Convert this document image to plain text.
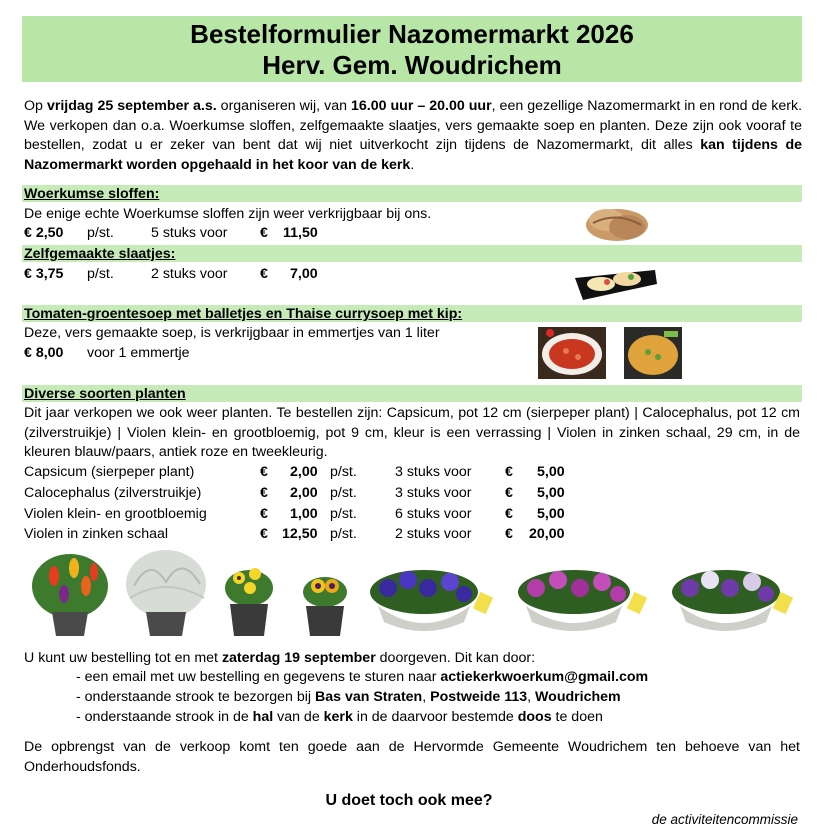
Bestelformulier Nazomermarkt 2026
Herv. Gem. Woudrichem
Op vrijdag 25 september a.s. organiseren wij, van 16.00 uur – 20.00 uur, een gezellige Nazomermarkt in en rond de kerk. We verkopen dan o.a. Woerkumse sloffen, zelfgemaakte slaatjes, vers gemaakte soep en planten. Deze zijn ook vooraf te bestellen, zodat u er zeker van bent dat wij niet uitverkocht zijn tijdens de Nazomermarkt, dit alles kan tijdens de Nazomermarkt worden opgehaald in het koor van de kerk.
Woerkumse sloffen:
De enige echte Woerkumse sloffen zijn weer verkrijgbaar bij ons.
€ 2,50 p/st.	5 stuks voor € 11,50
Zelfgemaakte slaatjes:
€ 3,75 p/st.	2 stuks voor € 7,00
Tomaten-groentesoep met balletjes en Thaise currysoep met kip:
Deze, vers gemaakte soep, is verkrijgbaar in emmertjes van 1 liter
€ 8,00 voor 1 emmertje
Diverse soorten planten
Dit jaar verkopen we ook weer planten. Te bestellen zijn: Capsicum, pot 12 cm (sierpeper plant) | Calocephalus, pot 12 cm (zilverstruikje) | Violen klein- en grootbloemig, pot 9 cm, kleur is een verrassing | Violen in zinken schaal, 29 cm, in de kleuren blauw/paars, antiek roze en tweekleurig.
Capsicum (sierpeper plant)	€ 2,00 p/st.	3 stuks voor € 5,00
Calocephalus (zilverstruikje)	€ 2,00 p/st.	3 stuks voor € 5,00
Violen klein- en grootbloemig	€ 1,00 p/st.	6 stuks voor € 5,00
Violen in zinken schaal	€ 12,50 p/st.	2 stuks voor € 20,00
U kunt uw bestelling tot en met zaterdag 19 september doorgeven. Dit kan door:
- een email met uw bestelling en gegevens te sturen naar actiekerkwoerkum@gmail.com
- onderstaande strook te bezorgen bij Bas van Straten, Postweide 113, Woudrichem
- onderstaande strook in de hal van de kerk in de daarvoor bestemde doos te doen
De opbrengst van de verkoop komt ten goede aan de Hervormde Gemeente Woudrichem ten behoeve van het Onderhoudsfonds.
U doet toch ook mee?
de activiteitencommissie
